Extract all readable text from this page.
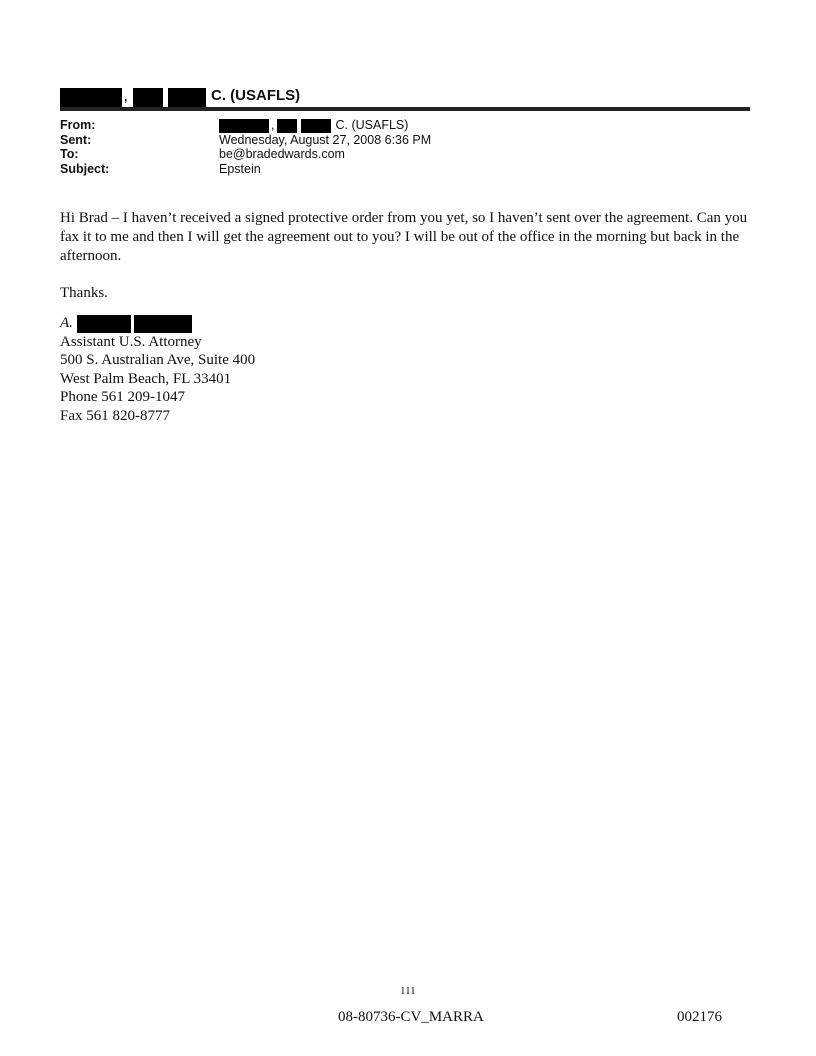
,	C. (USAFLS)
From:	,	C. (USAFLS)
Sent:	Wednesday, August 27, 2008 6:36 PM
To:	be@bradedwards.com
Subject:	Epstein
Hi Brad – I haven’t received a signed protective order from you yet, so I haven’t sent over the agreement. Can you fax it to me and then I will get the agreement out to you? I will be out of the office in the morning but back in the afternoon.
Thanks.
A.
Assistant U.S. Attorney
500 S. Australian Ave, Suite 400
West Palm Beach, FL 33401
Phone 561 209-1047
Fax 561 820-8777
111
08-80736-CV_MARRA	002176
